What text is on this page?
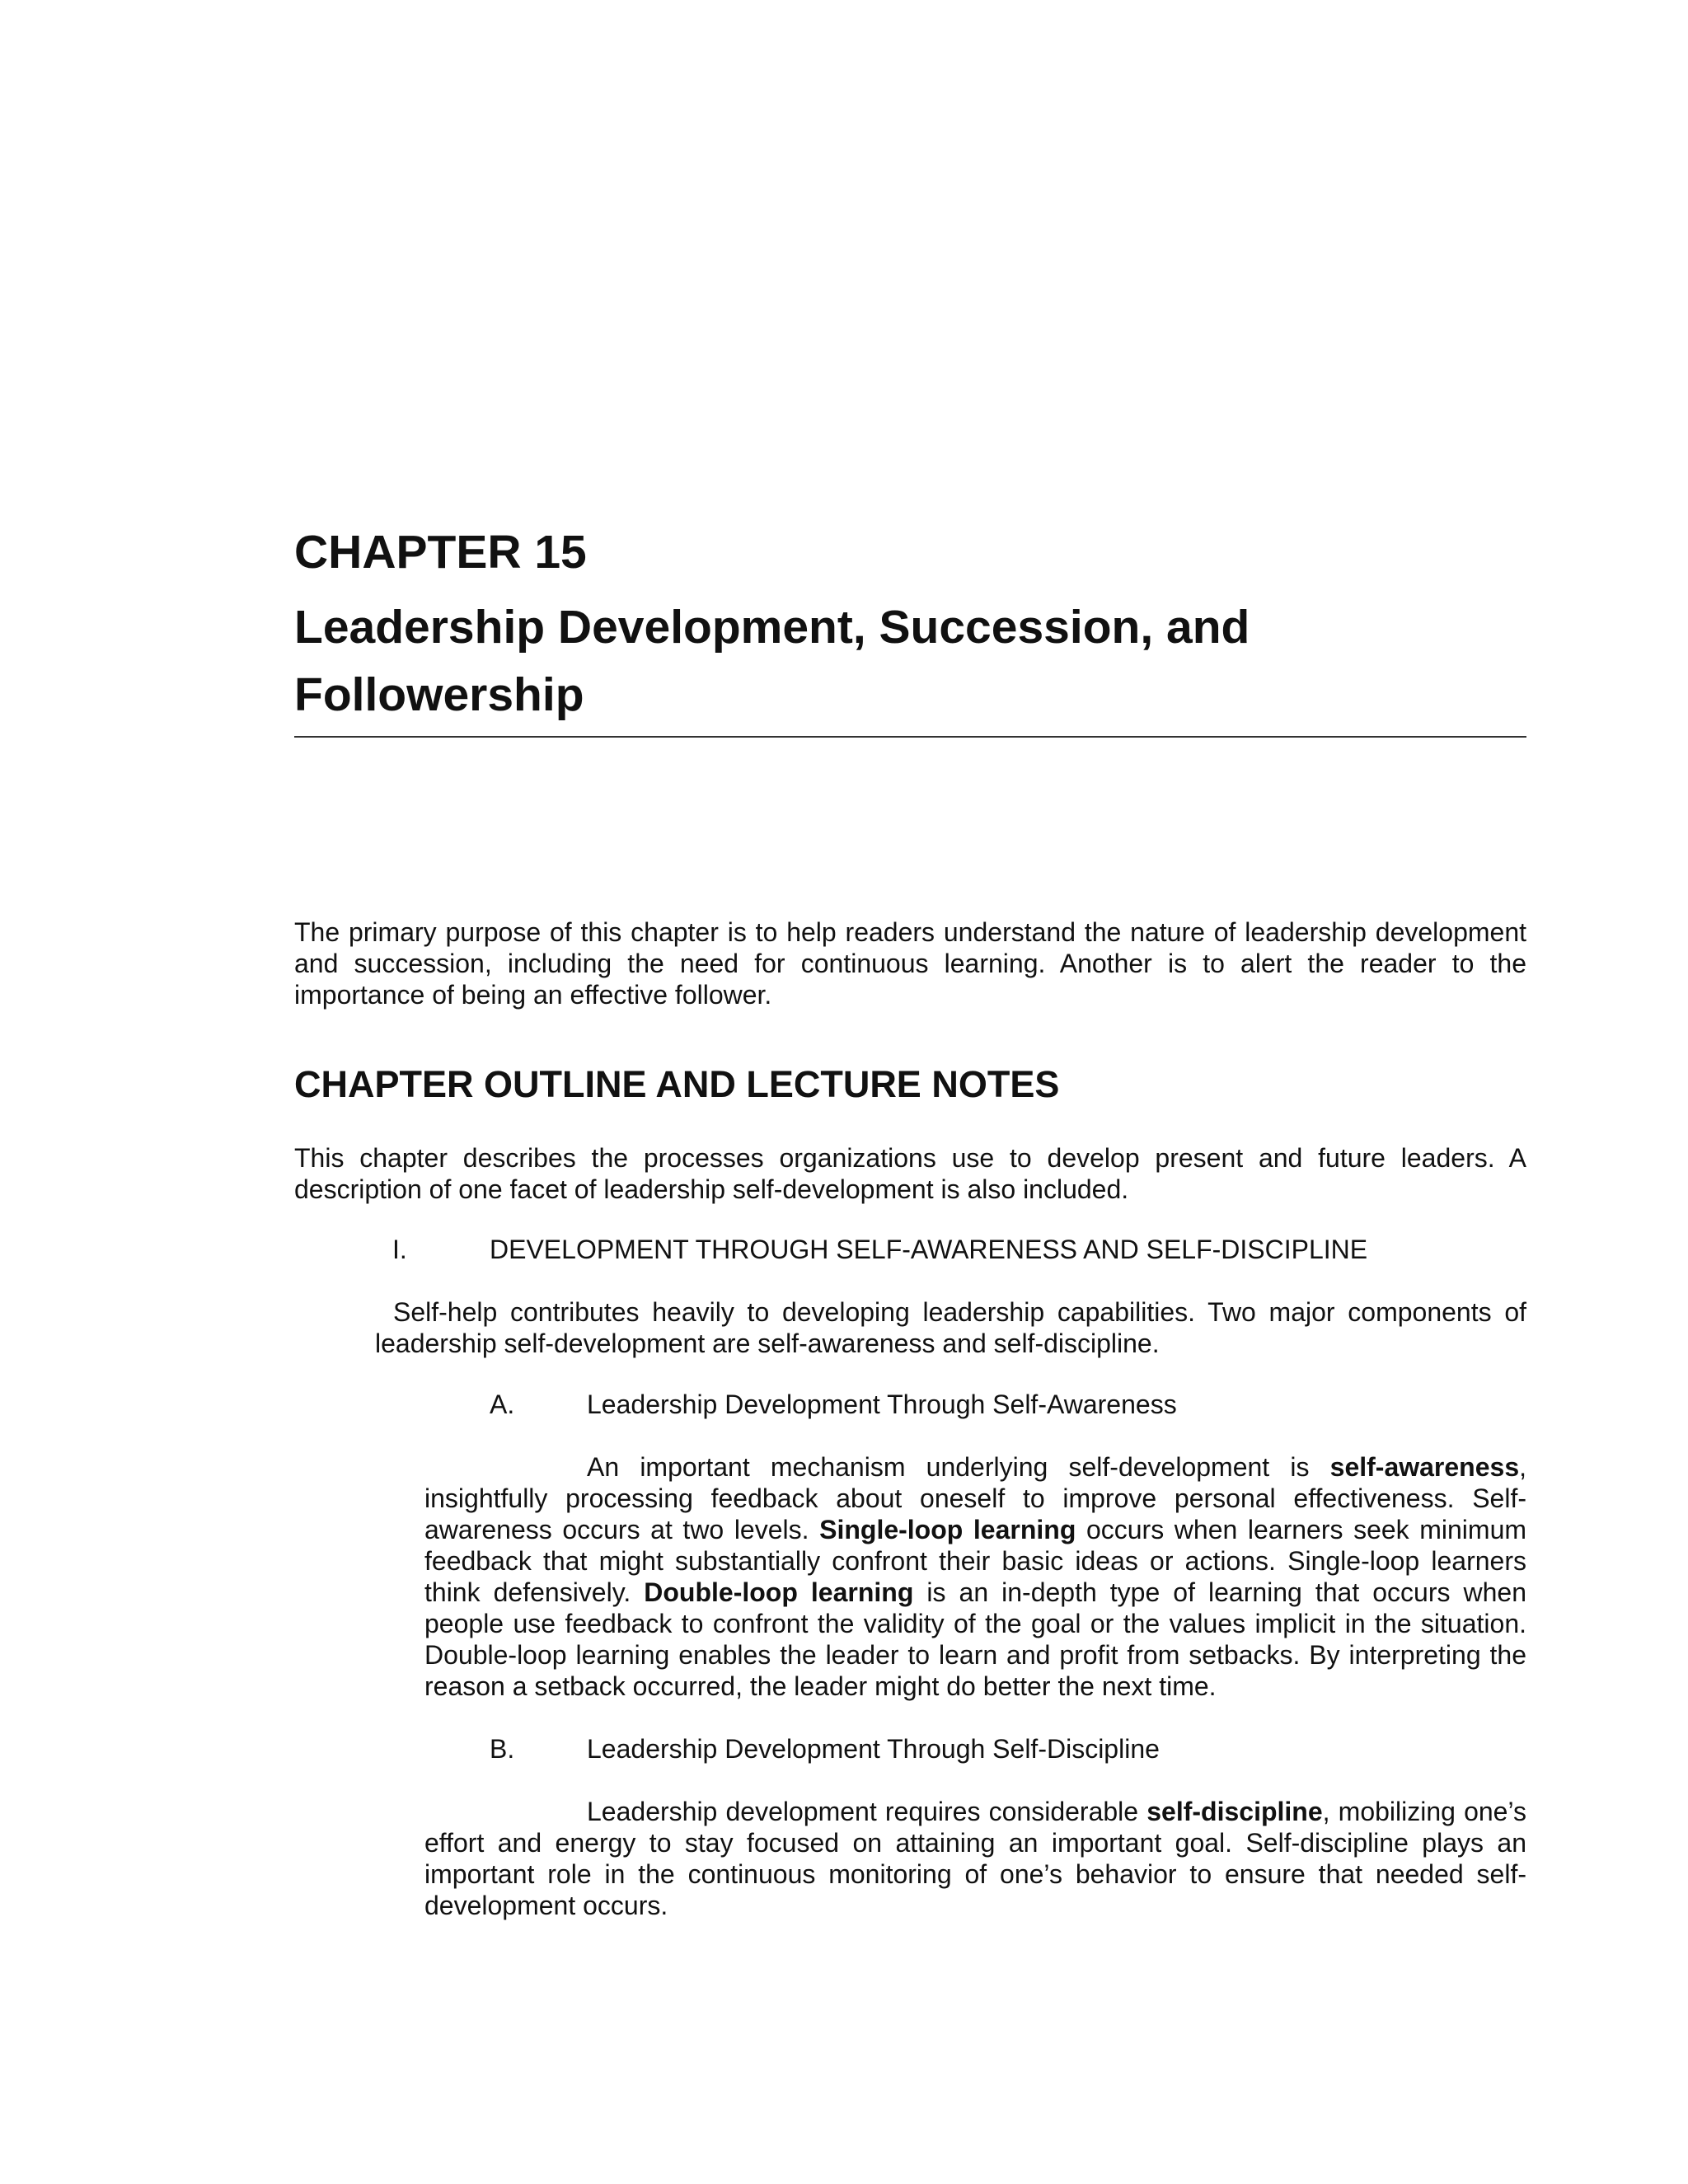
CHAPTER 15
Leadership Development, Succession, and Followership

The primary purpose of this chapter is to help readers understand the nature of leadership development and succession, including the need for continuous learning. Another is to alert the reader to the importance of being an effective follower.

CHAPTER OUTLINE AND LECTURE NOTES

This chapter describes the processes organizations use to develop present and future leaders. A description of one facet of leadership self-development is also included.

I.	DEVELOPMENT THROUGH SELF-AWARENESS AND SELF-DISCIPLINE

Self-help contributes heavily to developing leadership capabilities. Two major components of leadership self-development are self-awareness and self-discipline.

A.	Leadership Development Through Self-Awareness

An important mechanism underlying self-development is self-awareness, insightfully processing feedback about oneself to improve personal effectiveness. Self-awareness occurs at two levels. Single-loop learning occurs when learners seek minimum feedback that might substantially confront their basic ideas or actions. Single-loop learners think defensively. Double-loop learning is an in-depth type of learning that occurs when people use feedback to confront the validity of the goal or the values implicit in the situation. Double-loop learning enables the leader to learn and profit from setbacks. By interpreting the reason a setback occurred, the leader might do better the next time.

B.	Leadership Development Through Self-Discipline

Leadership development requires considerable self-discipline, mobilizing one’s effort and energy to stay focused on attaining an important goal. Self-discipline plays an important role in the continuous monitoring of one’s behavior to ensure that needed self-development occurs.
